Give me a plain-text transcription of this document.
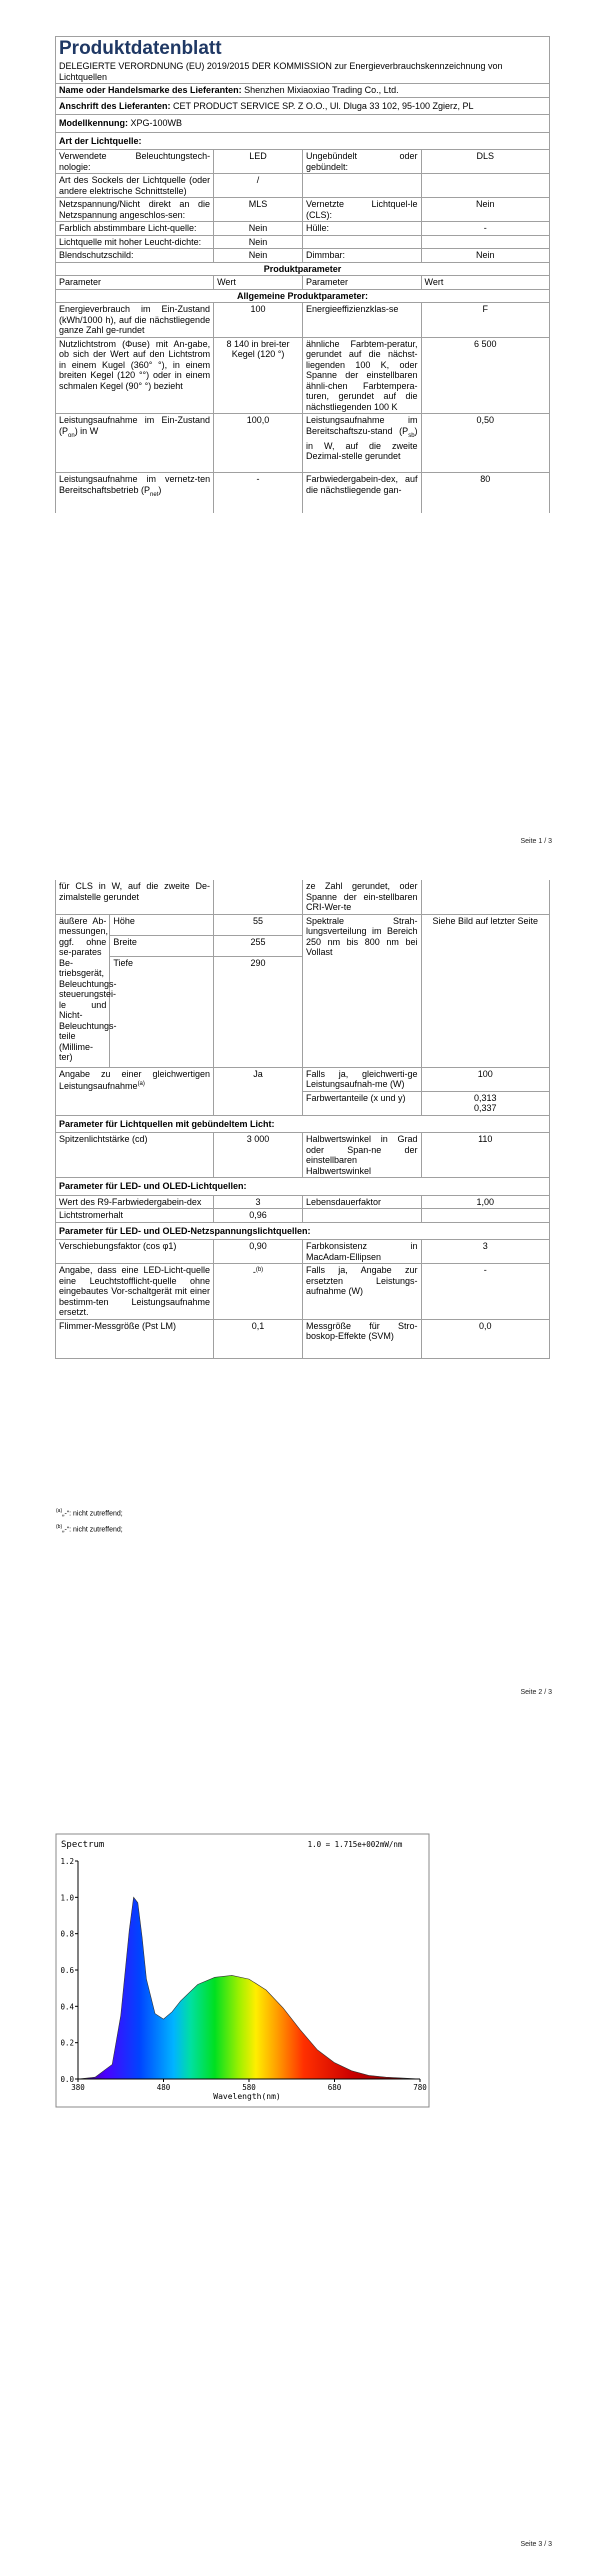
Produktdatenblatt
DELEGIERTE VERORDNUNG (EU) 2019/2015 DER KOMMISSION zur Energieverbrauchskennzeichnung von Lichtquellen			

Name oder Handelsmarke des Lieferanten: Shenzhen Mixiaoxiao Trading Co., Ltd.			
Anschrift des Lieferanten: CET PRODUCT SERVICE SP. Z O.O., Ul. Dluga 33 102, 95-100 Zgierz, PL			
Modellkennung: XPG-100WB			
Art der Lichtquelle:			
Verwendete Beleuchtungstech-nologie:	LED	Ungebündelt oder gebündelt:	DLS
Art des Sockels der Lichtquelle (oder andere elektrische Schnittstelle)	/		
Netzspannung/Nicht direkt an die Netzspannung angeschlos-sen:	MLS	Vernetzte Lichtquel-le (CLS):	Nein
Farblich abstimmbare Licht-quelle:	Nein	Hülle:	-
Lichtquelle mit hoher Leucht-dichte:	Nein		
Blendschutzschild:	Nein	Dimmbar:	Nein
Produktparameter			
Parameter	Wert	Parameter	Wert
Allgemeine Produktparameter:			
Energieverbrauch im Ein-Zustand (kWh/1000 h), auf die nächstliegende ganze Zahl ge-rundet	100	Energieeffizienzklas-se	F
Nutzlichtstrom (Φuse) mit An-gabe, ob sich der Wert auf den Lichtstrom in einem Kugel (360° °), in einem breiten Kegel (120 °°) oder in einem schmalen Kegel (90° °) bezieht	8 140 in brei-ter Kegel (120 °)	ähnliche Farbtem-peratur, gerundet auf die nächst-liegenden 100 K, oder Spanne der einstellbaren ähnli-chen Farbtempera-turen, gerundet auf die nächstliegenden 100 K	6 500
Leistungsaufnahme im Ein-Zustand $(P_{on})$ in W	100,0	Leistungsaufnahme im Bereitschaftszu-stand $(P_{sb})$ in W, auf die zweite Dezimal-stelle gerundet	0,50
Leistungsaufnahme im vernetz-ten Bereitschaftsbetrieb $(P_{net})$	-	Farbwiedergabein-dex, auf die nächstliegende gan-	80
Seite 1 / 3
für CLS in W, auf die zweite De-zimalstelle gerundet			ze Zahl gerundet, oder Spanne der ein-stellbaren CRI-Wer-te	
äußere Ab-messungen, ggf. ohne se-parates Be-triebsgerät, Beleuchtungs-steuerungstei-le und Nicht-Beleuchtungs-teile (Millime-ter)	Höhe	55	Spektrale Strah-lungsverteilung im Bereich 250 nm bis 800 nm bei Vollast	Siehe Bild auf letzter Seite
	Breite	255		
	Tiefe	290		
Angabe zu einer gleichwertigen Leistungsaufnahme$^{(a)}$		Ja	Falls ja, gleichwerti-ge Leistungsaufnah-me (W)	100
			Farbwertanteile (x und y)	0,313
0,337

Parameter für Lichtquellen mit gebündeltem Licht:				
Spitzenlichtstärke (cd)		3 000	Halbwertswinkel in Grad oder Span-ne der einstellbaren Halbwertswinkel	110
Parameter für LED- und OLED-Lichtquellen:				
Wert des R9-Farbwiedergabein-dex		3	Lebensdauerfaktor	1,00
Lichtstromerhalt		0,96		
Parameter für LED- und OLED-Netzspannungslichtquellen:				
Verschiebungsfaktor (cos φ1)		0,90	Farbkonsistenz in MacAdam-Ellipsen	3
Angabe, dass eine LED-Licht-quelle eine Leuchtstofflicht-quelle ohne eingebautes Vor-schaltgerät mit einer bestimm-ten Leistungsaufnahme ersetzt.		-$^{(b)}$	Falls ja, Angabe zur ersetzten Leistungs-aufnahme (W)	-
Flimmer-Messgröße (Pst LM)		0,1	Messgröße für Stro-boskop-Effekte (SVM)	0,0
$^{(a)}$„-“: nicht zutreffend;
$^{(b)}$„-“: nicht zutreffend;
Seite 2 / 3
Spectrum	1.0 = 1.715e+002mW/nm
0.0
0.2
0.4
0.6
0.8
1.0
1.2
380	480	580	680	780
Wavelength(nm)
Seite 3 / 3
